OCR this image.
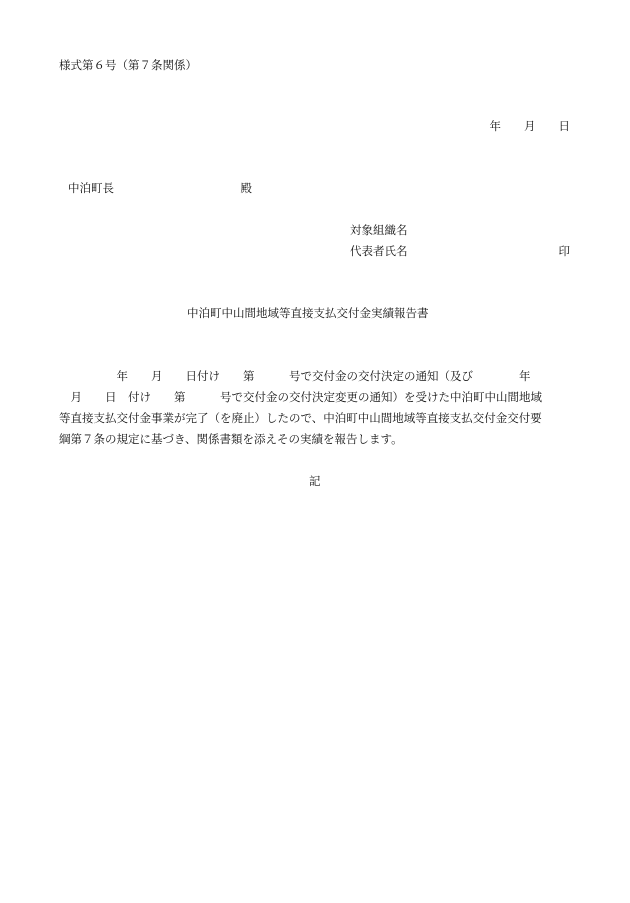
様式第６号（第７条関係）
年　　月　　日
中泊町長　　　　　　　　　　　殿
対象組織名
代表者氏名	印
中泊町中山間地域等直接支払交付金実績報告書
　　　　　年　　月　　日付け　　第　　　号で交付金の交付決定の通知（及び　　　　年
　月　　日　付け　　第　　　号で交付金の交付決定変更の通知）を受けた中泊町中山間地域
等直接支払交付金事業が完了（を廃止）したので、中泊町中山間地域等直接支払交付金交付要
綱第７条の規定に基づき、関係書類を添えその実績を報告します。
記
